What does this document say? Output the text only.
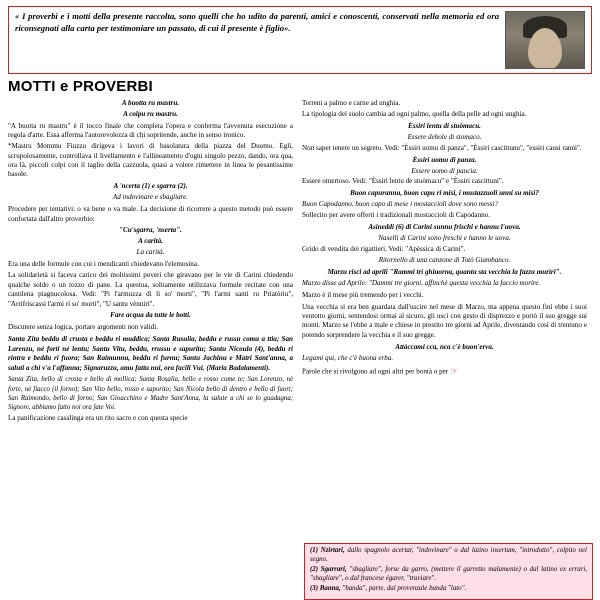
« I proverbi e i motti della presente raccolta, sono quelli che ho udito da parenti, amici e conoscenti, conservati nella memoria ed ora riconsegnati alla carta per testimoniare un passato, di cui il presente è figlio».
MOTTI e PROVERBI

A buotta ru mastru.

A colpu ru mastru.

"A buotta ru mastru" è il tocco finale che completa l'opera e conferma l'avvenuta esecuzione a regola d'arte. Essa afferma l'autorevolezza di chi sopritende, anche in senso ironico.

*Mastru Mommu Fiuzzu dirigeva i lavori di basolatura della piazza del Duomo. Egli, scrupolosamente, controllava il livellamento e l'allineamento d'ogni singolo pezzo, dando, ora qua, ora là, piccoli colpi con il taglio della cazzuola, quasi a volere rimettere in linea le pesantissime basole.

A 'ncerta (1) e sgarra (2).

Ad indovinare e sbagliare.

Procedere per tentativi: o va bene o va male. La decisione di ricorrere a questo metodo può essere confortata dall'altro proverbio:

"Cu'sgarra, 'nserta".

A carità.

La carità.

Era una delle formule con cui i mendicanti chiedevano l'elemosina.

La solidarietà si faceva carico dei moltissimi poveri che giravano per le vie di Carini chiedendo qualche soldo o un tozzo di pane. La questua, solitamente utilizzava formule recitate con una cantilena piagnucolosa. Vedi: "Pi l'armuzza di li so' morti", "Pi l'armi santi ru Priatòriu", "Arrifriscassi l'armi ri so' morti", "U santu vènniri".

Fare acqua da tutte le botti.

Discutere senza logica, portare argomenti non validi.

Santa Zita beddu di crusta e beddu ri muddica; Santa Rusulia, beddu e russu comu a ttia; San Larenzu, né forti né lentu; Santu Vitu, beddu, rrussu e sapuritu; Santu Nicoula (4), beddu ri rintra e beddu ri fuora; San Raimunnu, beddu ri furnu; Santu Jachinu e Matri Sant'anna, a saluti a chi v'a l'affanna; Signaruzzu, amu fattu nui, ora facili Vui. (Maria Badalamenti).

Santa Zita, bello di crosta e bello di mollica; Santa Rosalia, bello e rosso come te; San Lorenzo, nè forte, nè fiacco (il forno); San Vito bello, rosso e saporito; San Nicola bello di dentro e bello di fuori; San Raimondo, bello di forno; San Gioacchino e Madre Sant'Anna, la salute a chi se lo guadagna; Signore, abbiamo fatto noi ora fate Voi.

La panificazione casalinga era un rito sacro e con questa specie

Terreni a palmo e carne ad unghia.

La tipologia del suolo cambia ad ogni palmo, quella della pelle ad ogni unghia.

Èssiri lentu di stuòmacu.

Essere debole di stomaco.

Non saper tenere un segreto. Vedi: "Èssiri uomu di panza", "Èssiri cascittunu", "essiri causi rannì".

Èssiri uomu di panza.

Essere uomo di pancia.

Essere omertoso. Vedi: "Èssiri lentu de stuòmacu" e "Èssiri cascittuni".

Buon capurannu, buon capu ri misi, i mustazzuoli unni su misi?

Buon Capodanno, buon capo di mese i mostaccioli dove sono messi?

Sollecito per avere offerti i tradizionali mostaccioli di Capodanno.

Asineddi (6) di Carini sunnu frischi e hannu l'uova.

Naselli di Carini sono freschi e hanno le uova.

Grido di vendita dei rigattieri. Vedi: "Apèssica di Carini".

Ritornello di una canzone di Totò Giambanco.

Marzu risci ad aprili "Rammi trì ghiuorna, quantu sta vecchia la fazzu murìri".

Marzo disse ad Aprile: "Dammi tre giorni, affinchè questa vecchia la faccio morire.

Marzo è il mese più tremendo per i vecchi.

Una vecchia si era ben guardata dall'uscire nel mese di Marzo, ma appena questo finì ebbe i suoi ventotto giorni, sentendosi ormai al sicuro, gli uscì con gesto di disprezzo e portò il suo gregge sui monti. Marzo se l'ebbe a male e chiese in prestito tre giorni ad Aprile, diventando così di trentuno e potendo sorprendere la vecchia e il suo gregge.

Attàccami cca, nca c'è buon'erva.

Legami qui, che c'è buona erba.

Parole che si rivolgono ad ogni altri per bontà o per ☞

(1) Nzirtari, dallo spagnolo acertar, "indovinare" o dal latino insertum, "introdotto", colpito nel segno.

(2) Sgarrari, "sbagliare", forse da garro, (mettere il garretto malamente) o dal latino ex errari, "sbagliare", o dal francese égarer, "traviare".

(3) Banna, "banda", parte, dal provenzale banda "lato".
